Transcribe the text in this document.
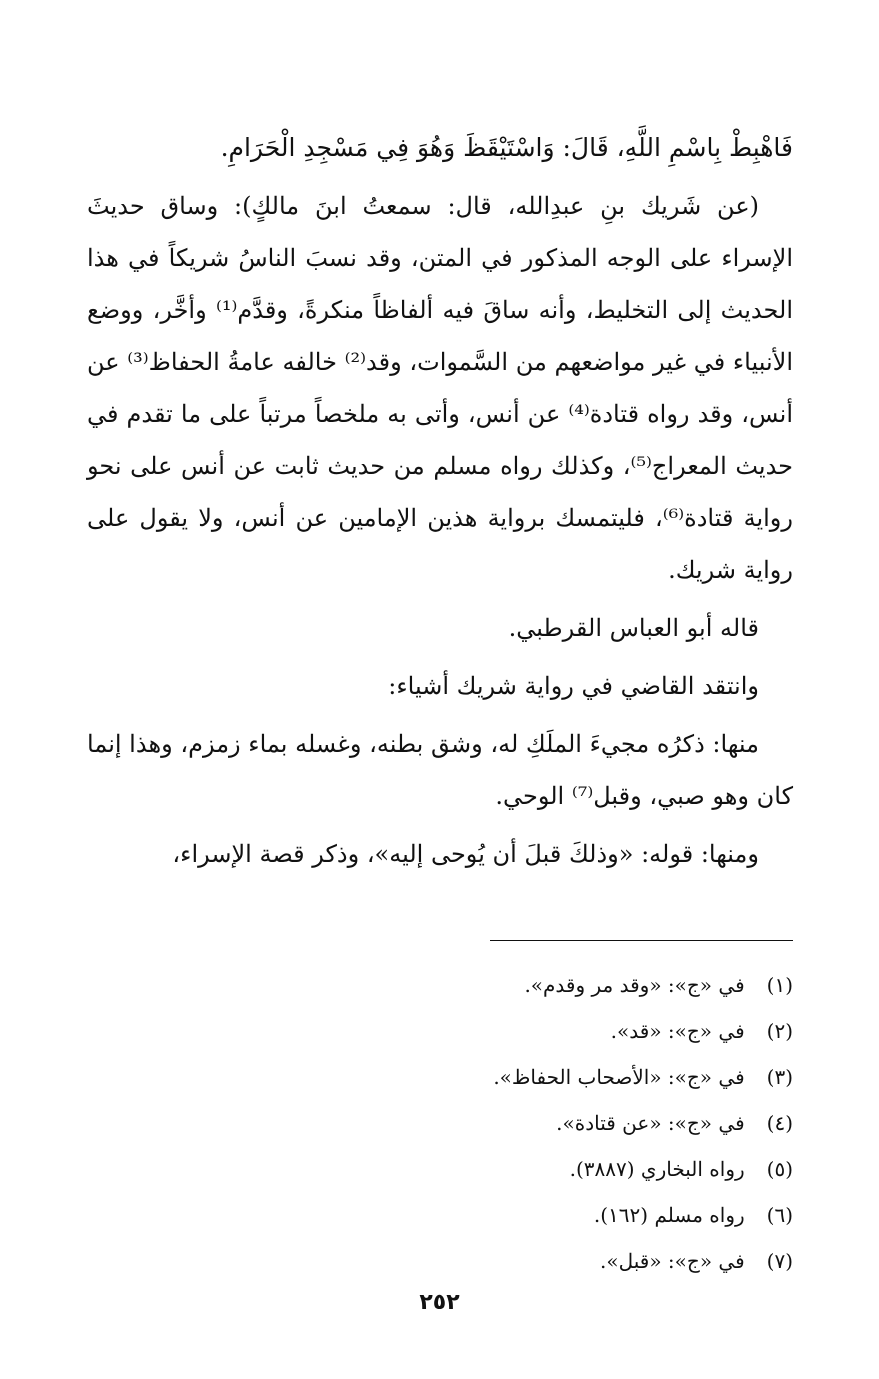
فَاهْبِطْ بِاسْمِ اللَّهِ، قَالَ: وَاسْتَيْقَظَ وَهُوَ فِي مَسْجِدِ الْحَرَامِ.

(عن شَريك بنِ عبدِالله، قال: سمعتُ ابنَ مالكٍ): وساق حديثَ الإسراء على الوجه المذكور في المتن، وقد نسبَ الناسُ شريكاً في هذا الحديث إلى التخليط، وأنه ساقَ فيه ألفاظاً منكرةً، وقدَّم⁽¹⁾ وأخَّر، ووضع الأنبياء في غير مواضعهم من السَّموات، وقد⁽²⁾ خالفه عامةُ الحفاظ⁽³⁾ عن أنس، وقد رواه قتادة⁽⁴⁾ عن أنس، وأتى به ملخصاً مرتباً على ما تقدم في حديث المعراج⁽⁵⁾، وكذلك رواه مسلم من حديث ثابت عن أنس على نحو رواية قتادة⁽⁶⁾، فليتمسك برواية هذين الإمامين عن أنس، ولا يقول على رواية شريك.

قاله أبو العباس القرطبي.

وانتقد القاضي في رواية شريك أشياء:

منها: ذكرُه مجيءَ الملَكِ له، وشق بطنه، وغسله بماء زمزم، وهذا إنما كان وهو صبي، وقبل⁽⁷⁾ الوحي.

ومنها: قوله: «وذلكَ قبلَ أن يُوحى إليه»، وذكر قصة الإسراء،

(١) في «ج»: «وقد مر وقدم».
(٢) في «ج»: «قد».
(٣) في «ج»: «الأصحاب الحفاظ».
(٤) في «ج»: «عن قتادة».
(٥) رواه البخاري (٣٨٨٧).
(٦) رواه مسلم (١٦٢).
(٧) في «ج»: «قبل».
٢٥٢
